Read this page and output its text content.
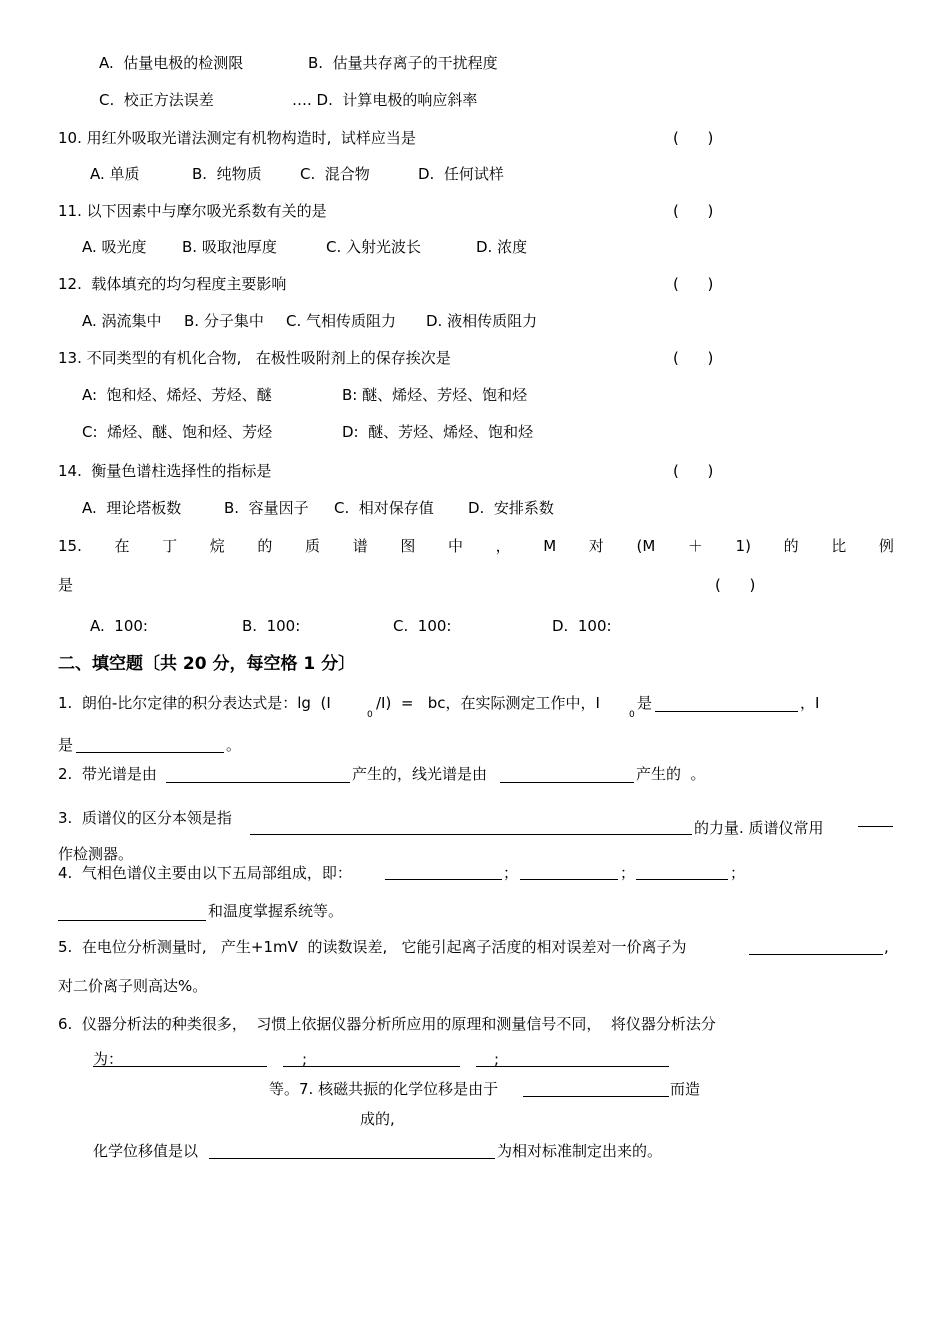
A.  估量电极的检测限	B.  估量共存离子的干扰程度
C.  校正方法误差	…. D.  计算电极的响应斜率
10. 用红外吸取光谱法测定有机物构造时,  试样应当是	(      )
A. 单质	B.  纯物质	C.  混合物	D.  任何试样
11. 以下因素中与摩尔吸光系数有关的是	(      )
A. 吸光度 B. 吸取池厚度	C. 入射光波长	D. 浓度
12.  载体填充的均匀程度主要影响	(      )
A. 涡流集中 B. 分子集中 C. 气相传质阻力 D. 液相传质阻力
13. 不同类型的有机化合物,   在极性吸附剂上的保存挨次是	(      )
A:  饱和烃、烯烃、芳烃、醚	B: 醚、烯烃、芳烃、饱和烃
C:  烯烃、醚、饱和烃、芳烃	D:  醚、芳烃、烯烃、饱和烃
14.  衡量色谱柱选择性的指标是	(      )
A.  理论塔板数	B.  容量因子 C.  相对保存值 D.  安排系数
15. 在 丁 烷 的 质 谱 图 中 ， M 对 (M ＋ 1) 的 比 例
是	(      )
A.  100:	B.  100:	C.  100:	D.  100:
二、填空题〔共 20 分，每空格 1 分〕
1.  朗伯-比尔定律的积分表达式是：lg  (I
0
/I)  =   bc，在实际测定工作中，I
0
是	，I
是	。
2.  带光谱是由	产生的，线光谱是由	产生的  。
3.  质谱仪的区分本领是指
的力量. 质谱仪常用
作检测器。
4.  气相色谱仪主要由以下五局部组成，即：	；	；	；
和温度掌握系统等。
5.  在电位分析测量时,   产生+1mV  的读数误差,   它能引起离子活度的相对误差对一价离子为	,
对二价离子则高达%。
6.  仪器分析法的种类很多，  习惯上依据仪器分析所应用的原理和测量信号不同，  将仪器分析法分
为：	;	;
等。7. 核磁共振的化学位移是由于	而造
成的,
化学位移值是以	为相对标准制定出来的。
